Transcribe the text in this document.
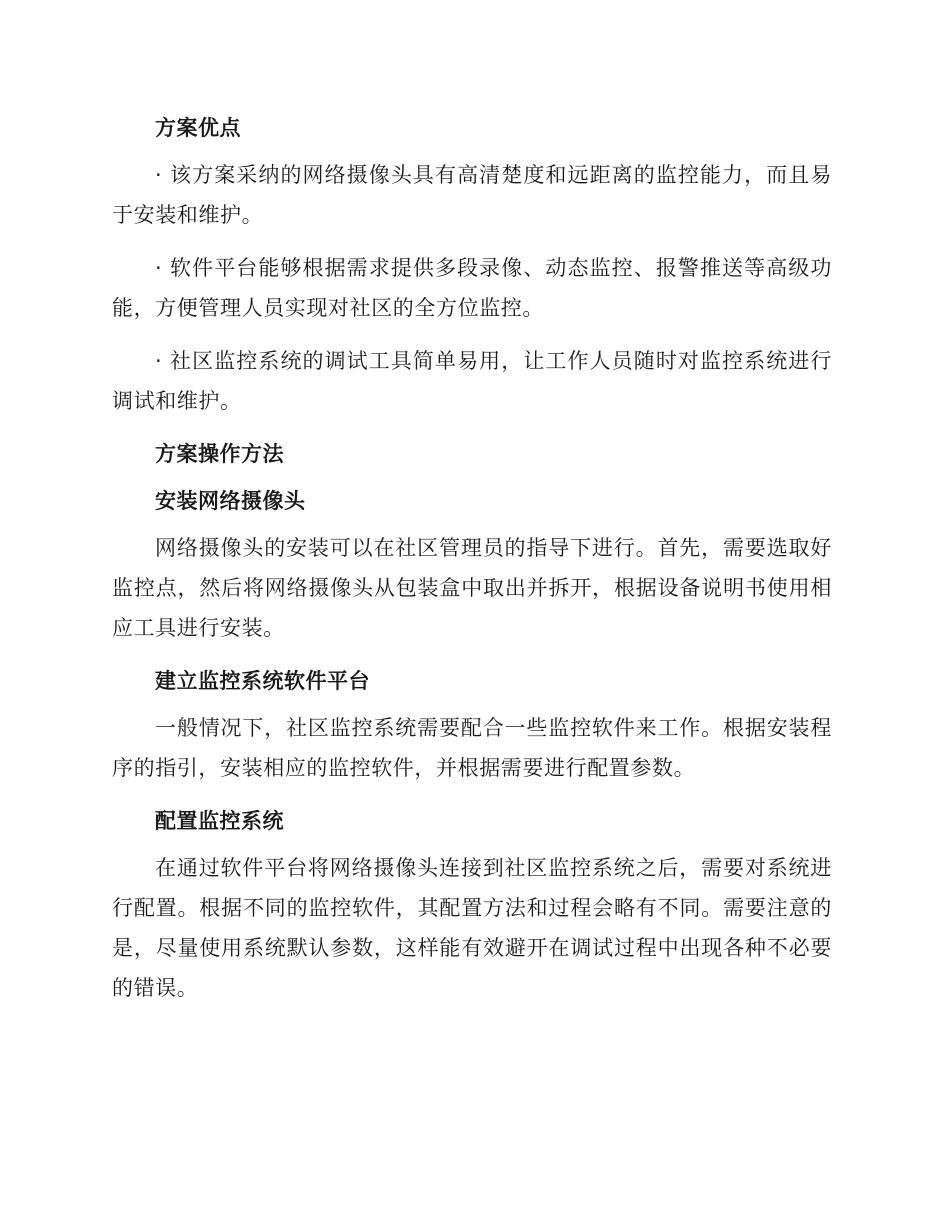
方案优点

· 该方案采纳的网络摄像头具有高清楚度和远距离的监控能力，而且易于安装和维护。

· 软件平台能够根据需求提供多段录像、动态监控、报警推送等高级功能，方便管理人员实现对社区的全方位监控。

· 社区监控系统的调试工具简单易用，让工作人员随时对监控系统进行调试和维护。

方案操作方法

安装网络摄像头

网络摄像头的安装可以在社区管理员的指导下进行。首先，需要选取好监控点，然后将网络摄像头从包装盒中取出并拆开，根据设备说明书使用相应工具进行安装。

建立监控系统软件平台

一般情况下，社区监控系统需要配合一些监控软件来工作。根据安装程序的指引，安装相应的监控软件，并根据需要进行配置参数。

配置监控系统

在通过软件平台将网络摄像头连接到社区监控系统之后，需要对系统进行配置。根据不同的监控软件，其配置方法和过程会略有不同。需要注意的是，尽量使用系统默认参数，这样能有效避开在调试过程中出现各种不必要的错误。
